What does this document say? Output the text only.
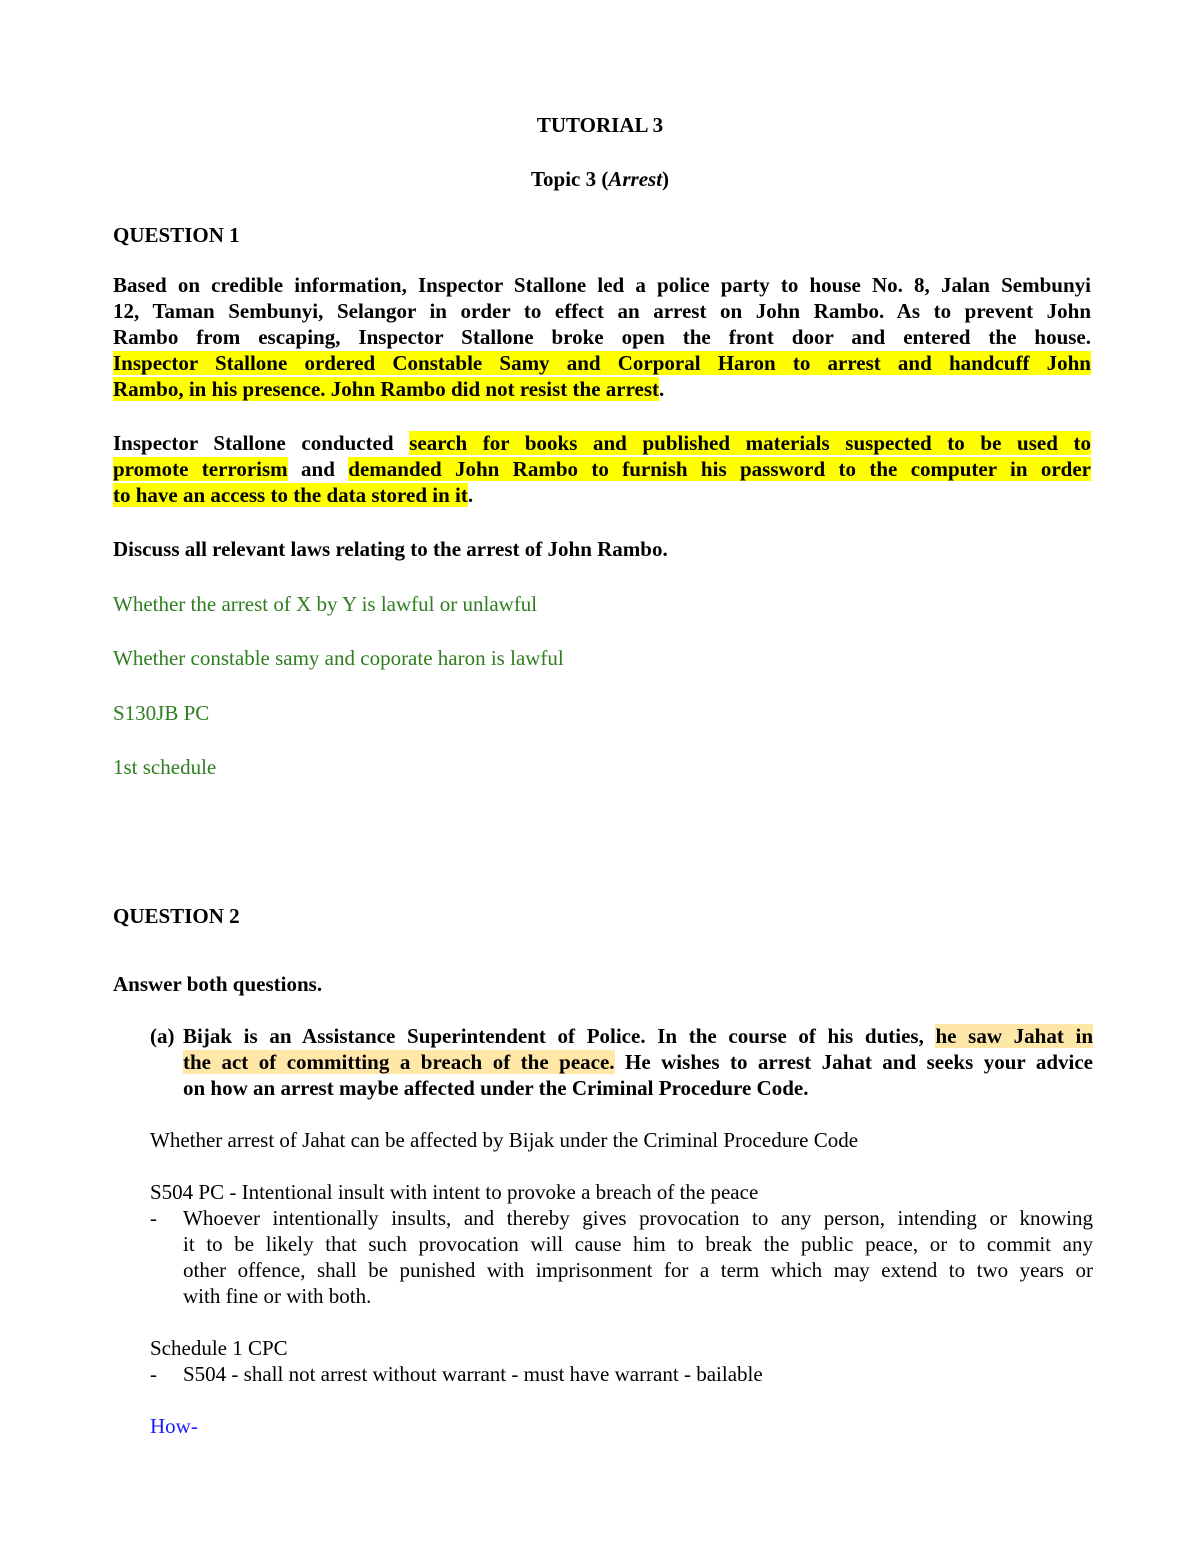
TUTORIAL 3
Topic 3 (Arrest)
QUESTION 1
Based on credible information, Inspector Stallone led a police party to house No. 8, Jalan Sembunyi
12, Taman Sembunyi, Selangor in order to effect an arrest on John Rambo. As to prevent John
Rambo from escaping, Inspector Stallone broke open the front door and entered the house.
Inspector Stallone ordered Constable Samy and Corporal Haron to arrest and handcuff John
Rambo, in his presence. John Rambo did not resist the arrest.
Inspector Stallone conducted search for books and published materials suspected to be used to
promote terrorism and demanded John Rambo to furnish his password to the computer in order
to have an access to the data stored in it.
Discuss all relevant laws relating to the arrest of John Rambo.
Whether the arrest of X by Y is lawful or unlawful
Whether constable samy and coporate haron is lawful
S130JB PC
1st schedule
QUESTION 2
Answer both questions.
(a) Bijak is an Assistance Superintendent of Police. In the course of his duties, he saw Jahat in
the act of committing a breach of the peace. He wishes to arrest Jahat and seeks your advice
on how an arrest maybe affected under the Criminal Procedure Code.
Whether arrest of Jahat can be affected by Bijak under the Criminal Procedure Code
S504 PC - Intentional insult with intent to provoke a breach of the peace
- Whoever intentionally insults, and thereby gives provocation to any person, intending or knowing
it to be likely that such provocation will cause him to break the public peace, or to commit any
other offence, shall be punished with imprisonment for a term which may extend to two years or
with fine or with both.
Schedule 1 CPC
- S504 - shall not arrest without warrant - must have warrant - bailable
How-
